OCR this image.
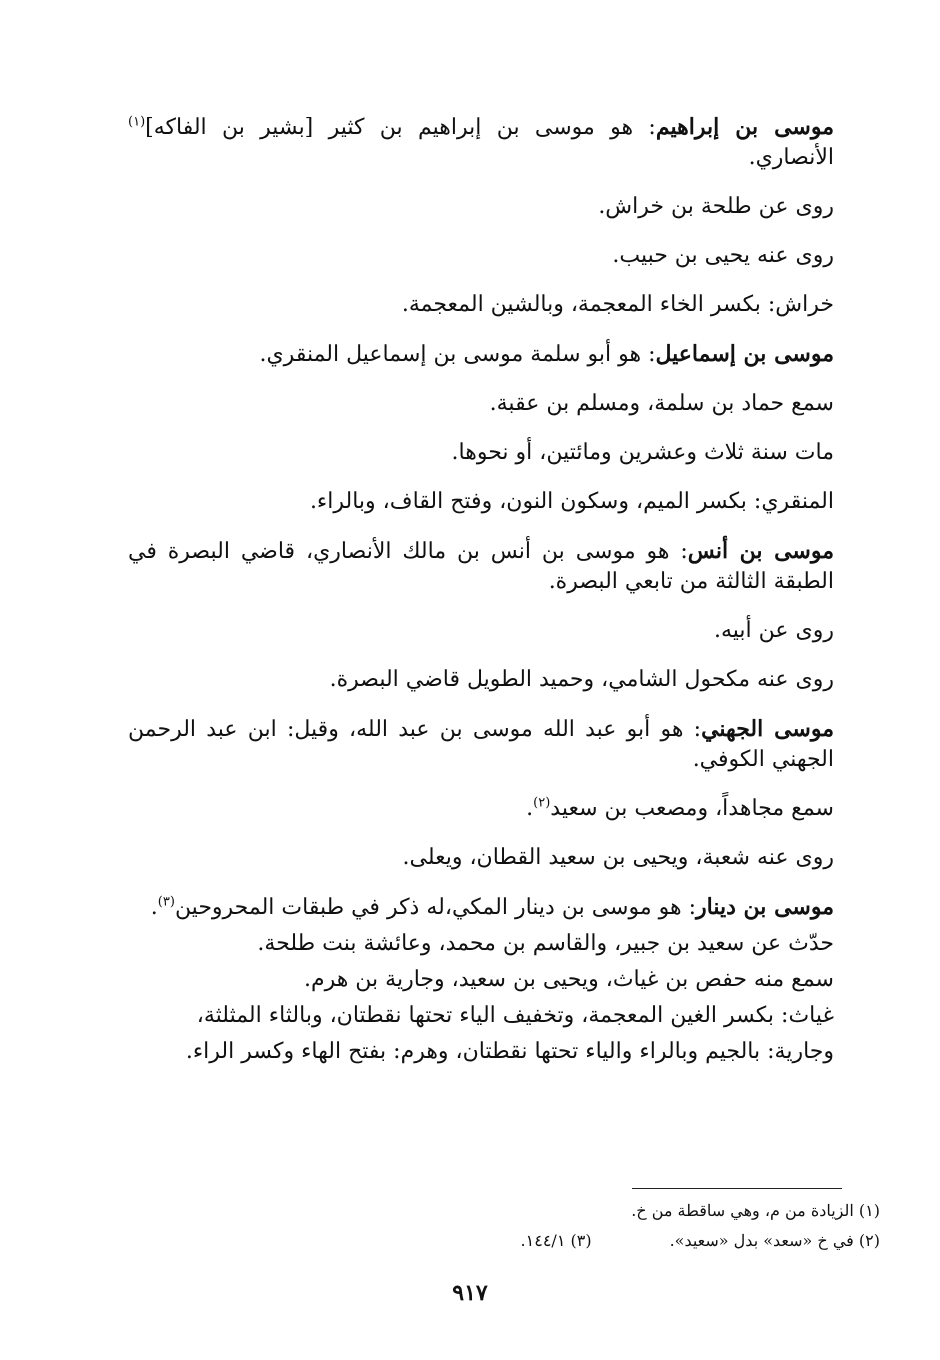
موسى بن إبراهيم: هو موسى بن إبراهيم بن كثير [بشير بن الفاكه]$^{(١)}$ الأنصاري.

روى عن طلحة بن خراش.

روى عنه يحيى بن حبيب.

خراش: بكسر الخاء المعجمة، وبالشين المعجمة.

موسى بن إسماعيل: هو أبو سلمة موسى بن إسماعيل المنقري.

سمع حماد بن سلمة، ومسلم بن عقبة.

مات سنة ثلاث وعشرين ومائتين، أو نحوها.

المنقري: بكسر الميم، وسكون النون، وفتح القاف، وبالراء.

موسى بن أنس: هو موسى بن أنس بن مالك الأنصاري، قاضي البصرة في الطبقة الثالثة من تابعي البصرة.

روى عن أبيه.

روى عنه مكحول الشامي، وحميد الطويل قاضي البصرة.

موسى الجهني: هو أبو عبد الله موسى بن عبد الله، وقيل: ابن عبد الرحمن الجهني الكوفي.

سمع مجاهداً، ومصعب بن سعيد$^{(٢)}$.

روى عنه شعبة، ويحيى بن سعيد القطان، ويعلى.

موسى بن دينار: هو موسى بن دينار المكي،له ذكر في طبقات المحروحين$^{(٣)}$.

حدّث عن سعيد بن جبير، والقاسم بن محمد، وعائشة بنت طلحة.

سمع منه حفص بن غياث، ويحيى بن سعيد، وجارية بن هرم.

غياث: بكسر الغين المعجمة، وتخفيف الياء تحتها نقطتان، وبالثاء المثلثة،

وجارية: بالجيم وبالراء والياء تحتها نقطتان، وهرم: بفتح الهاء وكسر الراء.

(١) الزيادة من م، وهي ساقطة من خ.
(٢) في خ «سعد» بدل «سعيد».(٣) ١٤٤/١.
٩١٧
